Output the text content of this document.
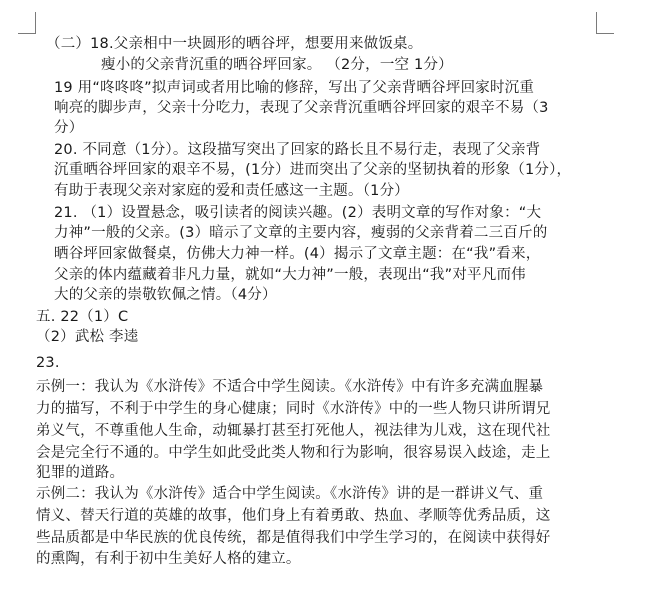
（二）18.父亲相中一块圆形的晒谷坪，想要用来做饭桌。
瘦小的父亲背沉重的晒谷坪回家。 （2分，一空 1分）
19 用“咚咚咚”拟声词或者用比喻的修辞，写出了父亲背晒谷坪回家时沉重
响亮的脚步声，父亲十分吃力，表现了父亲背沉重晒谷坪回家的艰辛不易（3
分）
20. 不同意（1分）。这段描写突出了回家的路长且不易行走，表现了父亲背
沉重晒谷坪回家的艰辛不易，(1分）进而突出了父亲的坚韧执着的形象（1分），
有助于表现父亲对家庭的爱和责任感这一主题。（1分）
21. （1）设置悬念，吸引读者的阅读兴趣。(2）表明文章的写作对象：“大
力神”一般的父亲。(3）暗示了文章的主要内容，瘦弱的父亲背着二三百斤的
晒谷坪回家做餐桌，仿佛大力神一样。(4）揭示了文章主题：在“我”看来，
父亲的体内蕴藏着非凡力量，就如“大力神”一般，表现出“我”对平凡而伟
大的父亲的崇敬钦佩之情。（4分）
五. 22（1）C
（2）武松 李逵
23.
示例一：我认为《水浒传》不适合中学生阅读。《水浒传》中有许多充满血腥暴
力的描写，不利于中学生的身心健康；同时《水浒传》中的一些人物只讲所谓兄
弟义气，不尊重他人生命，动辄暴打甚至打死他人，视法律为儿戏，这在现代社
会是完全行不通的。中学生如此受此类人物和行为影响，很容易误入歧途，走上
犯罪的道路。
示例二：我认为《水浒传》适合中学生阅读。《水浒传》讲的是一群讲义气、重
情义、替天行道的英雄的故事，他们身上有着勇敢、热血、孝顺等优秀品质，这
些品质都是中华民族的优良传统，都是值得我们中学生学习的，在阅读中获得好
的熏陶，有利于初中生美好人格的建立。
